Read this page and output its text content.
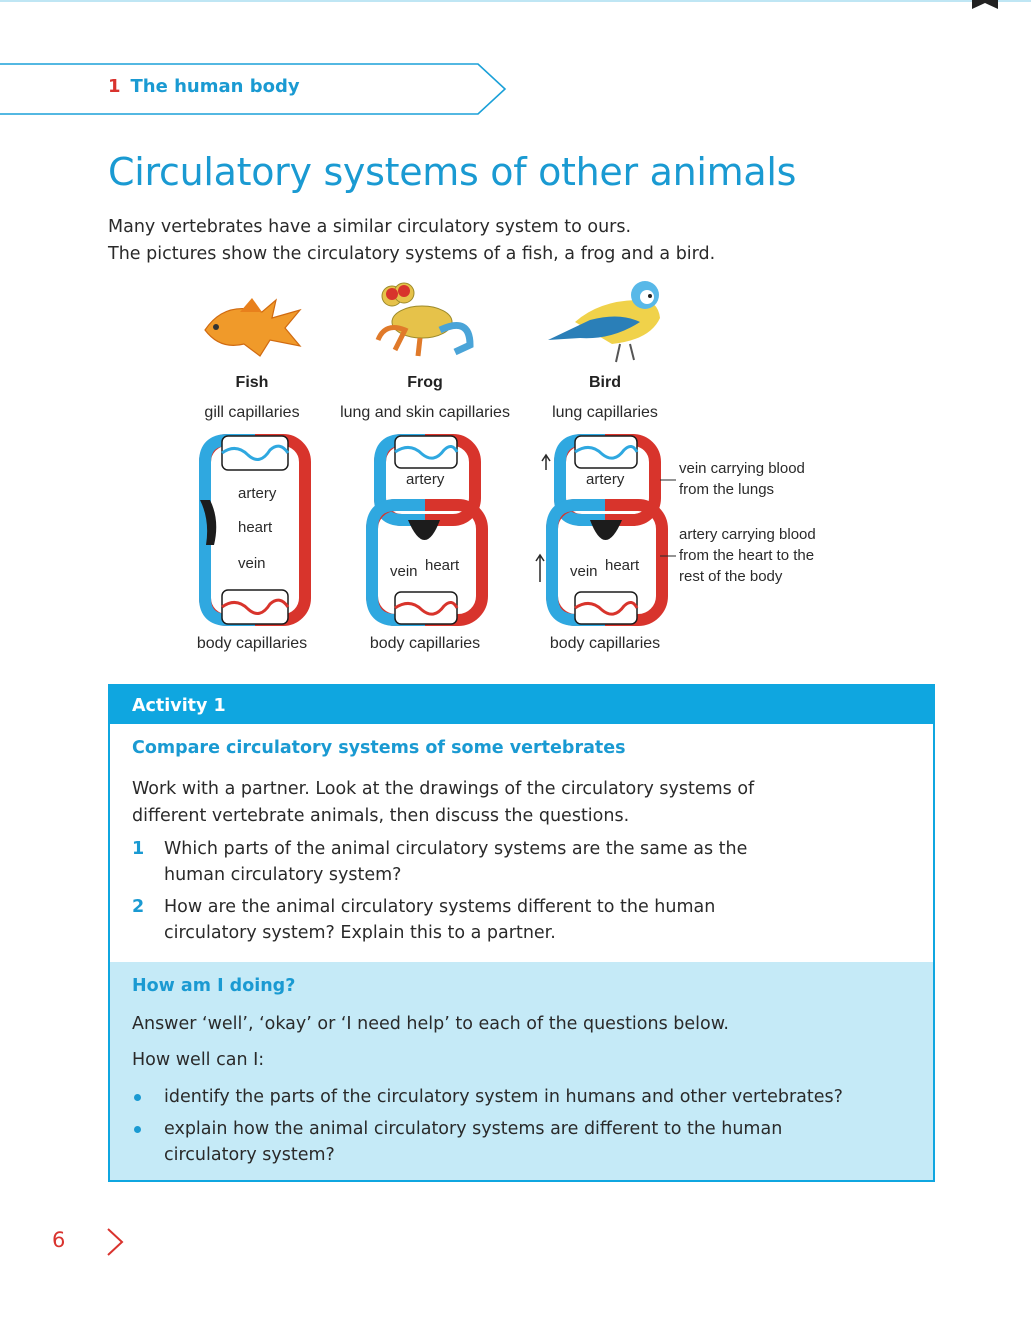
1 The human body
Circulatory systems of other animals
Many vertebrates have a similar circulatory system to ours.
The pictures show the circulatory systems of a fish, a frog and a bird.
Fish	Frog	Bird
gill capillaries	lung and skin capillaries	lung capillaries
artery
heart
vein
artery
heart
vein
artery
heart
vein
vein carrying blood
from the lungs
artery carrying blood
from the heart to the
rest of the body
body capillaries	body capillaries	body capillaries
Activity 1
Compare circulatory systems of some vertebrates
Work with a partner. Look at the drawings of the circulatory systems of
different vertebrate animals, then discuss the questions.
1 Which parts of the animal circulatory systems are the same as the
human circulatory system?
2 How are the animal circulatory systems different to the human
circulatory system? Explain this to a partner.
How am I doing?
Answer ‘well’, ‘okay’ or ‘I need help’ to each of the questions below.
How well can I:
identify the parts of the circulatory system in humans and other vertebrates?
explain how the animal circulatory systems are different to the human
circulatory system?
6
